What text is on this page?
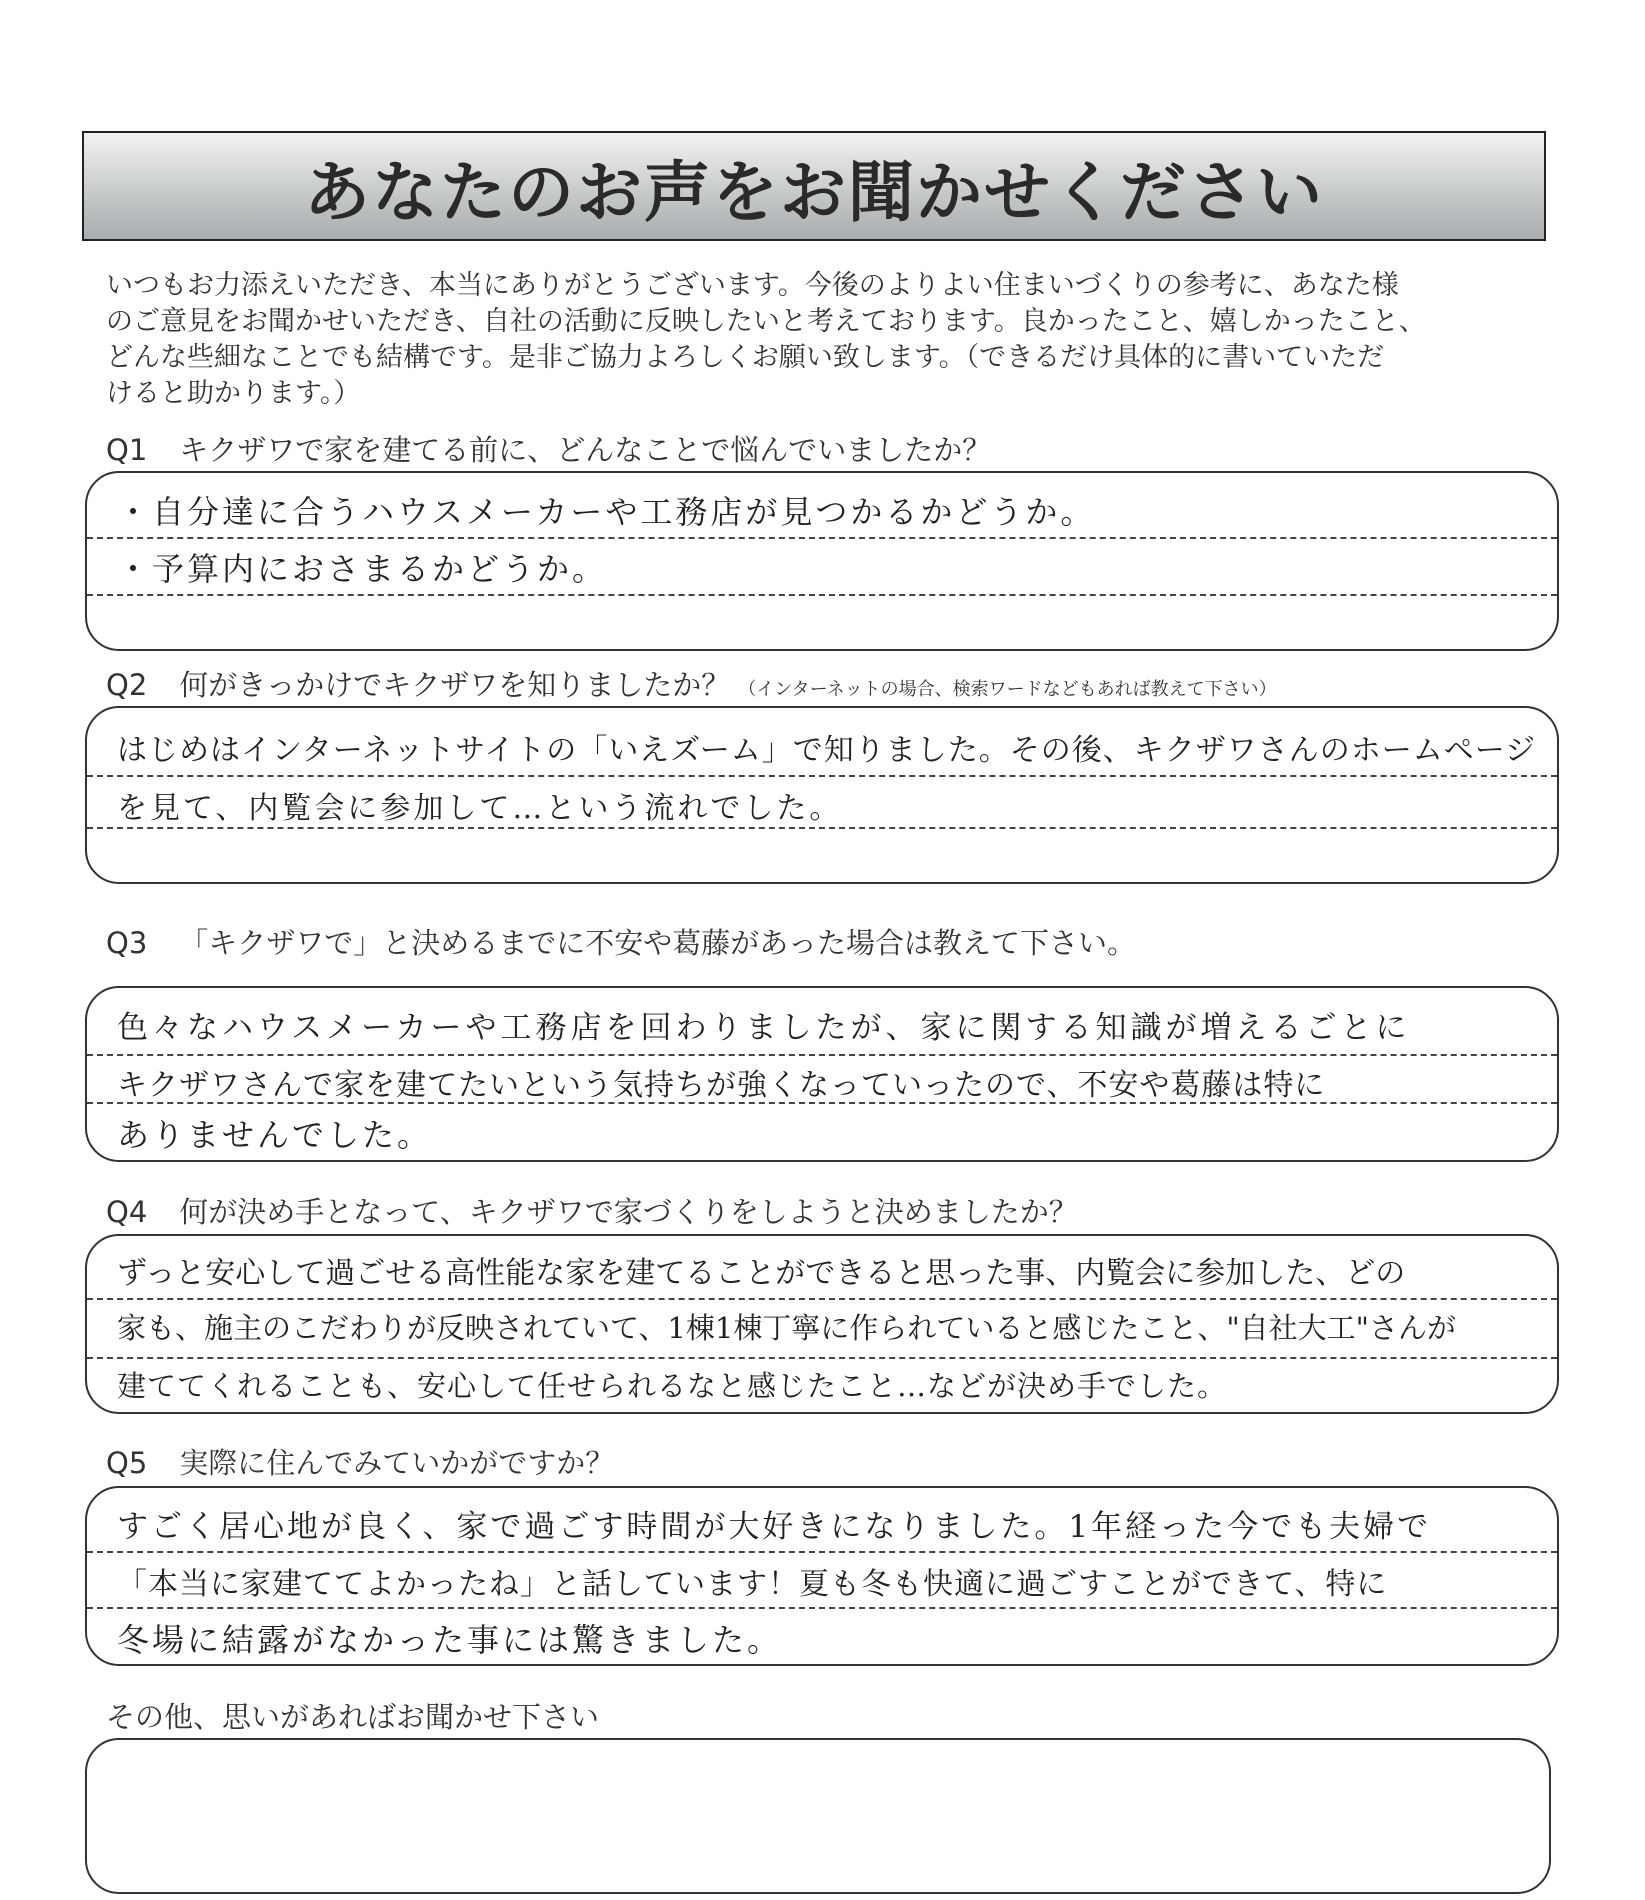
あなたのお声をお聞かせください

いつもお力添えいただき、本当にありがとうございます。今後のよりよい住まいづくりの参考に、あなた様

のご意見をお聞かせいただき、自社の活動に反映したいと考えております。良かったこと、嬉しかったこと、

どんな些細なことでも結構です。是非ご協力よろしくお願い致します。（できるだけ具体的に書いていただ

けると助かります。）

Q1 キクザワで家を建てる前に、どんなことで悩んでいましたか？
・自分達に合うハウスメーカーや工務店が見つかるかどうか。
・予算内におさまるかどうか。
Q2 何がきっかけでキクザワを知りましたか？ （インターネットの場合、検索ワードなどもあれば教えて下さい）
はじめはインターネットサイトの「いえズーム」で知りました。その後、キクザワさんのホームページ
を見て、内覧会に参加して…という流れでした。
Q3 「キクザワで」と決めるまでに不安や葛藤があった場合は教えて下さい。
色々なハウスメーカーや工務店を回わりましたが、家に関する知識が増えるごとに
キクザワさんで家を建てたいという気持ちが強くなっていったので、不安や葛藤は特に
ありませんでした。
Q4 何が決め手となって、キクザワで家づくりをしようと決めましたか？
ずっと安心して過ごせる高性能な家を建てることができると思った事、内覧会に参加した、どの
家も、施主のこだわりが反映されていて、1棟1棟丁寧に作られていると感じたこと、"自社大工"さんが
建ててくれることも、安心して任せられるなと感じたこと…などが決め手でした。
Q5 実際に住んでみていかがですか？
すごく居心地が良く、家で過ごす時間が大好きになりました。1年経った今でも夫婦で
「本当に家建ててよかったね」と話しています！夏も冬も快適に過ごすことができて、特に
冬場に結露がなかった事には驚きました。
その他、思いがあればお聞かせ下さい
